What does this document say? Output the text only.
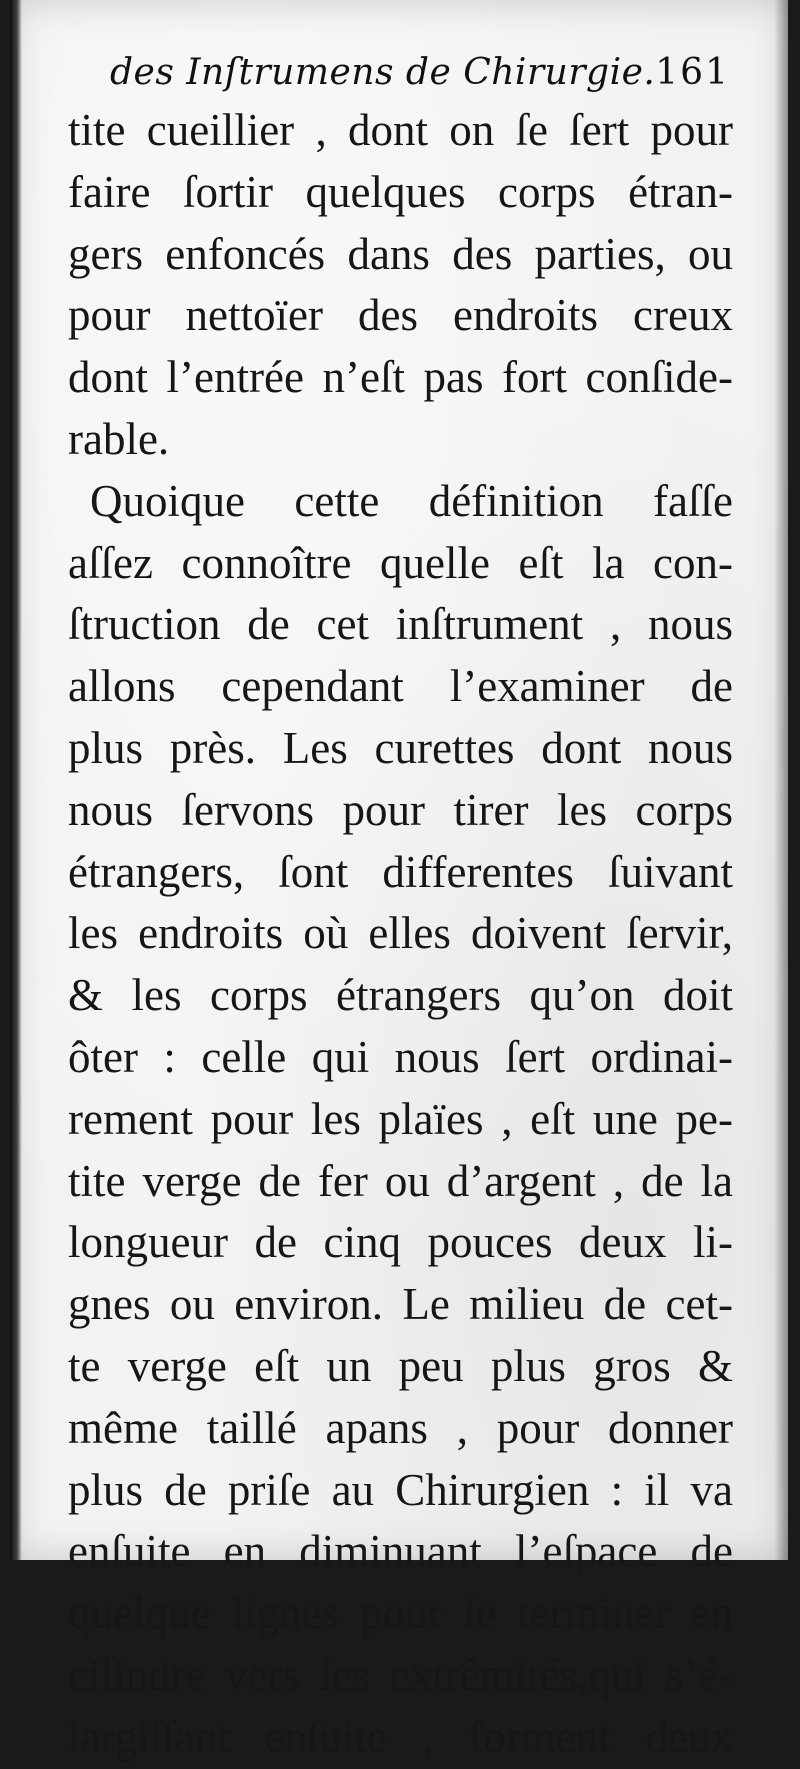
des Inſtrumens de Chirurgie. 161
tite cueillier , dont on ſe ſert pour
faire ſortir quelques corps étran-
gers enfoncés dans des parties, ou
pour nettoïer des endroits creux
dont l’entrée n’eſt pas fort conſide-
rable.
Quoique cette définition faſſe
aſſez connoître quelle eſt la con-
ſtruction de cet inſtrument , nous
allons cependant l’examiner de
plus près. Les curettes dont nous
nous ſervons pour tirer les corps
étrangers, ſont differentes ſuivant
les endroits où elles doivent ſervir,
& les corps étrangers qu’on doit
ôter : celle qui nous ſert ordinai-
rement pour les plaïes , eſt une pe-
tite verge de fer ou d’argent , de la
longueur de cinq pouces deux li-
gnes ou environ. Le milieu de cet-
te verge eſt un peu plus gros &
même taillé apans , pour donner
plus de priſe au Chirurgien : il va
enſuite en diminuant l’eſpace de
quelque lignes pour ſe terminer en
cilindre vers ſes extrêmités,qui s’é-
largiſſant enſuite , forment deux
